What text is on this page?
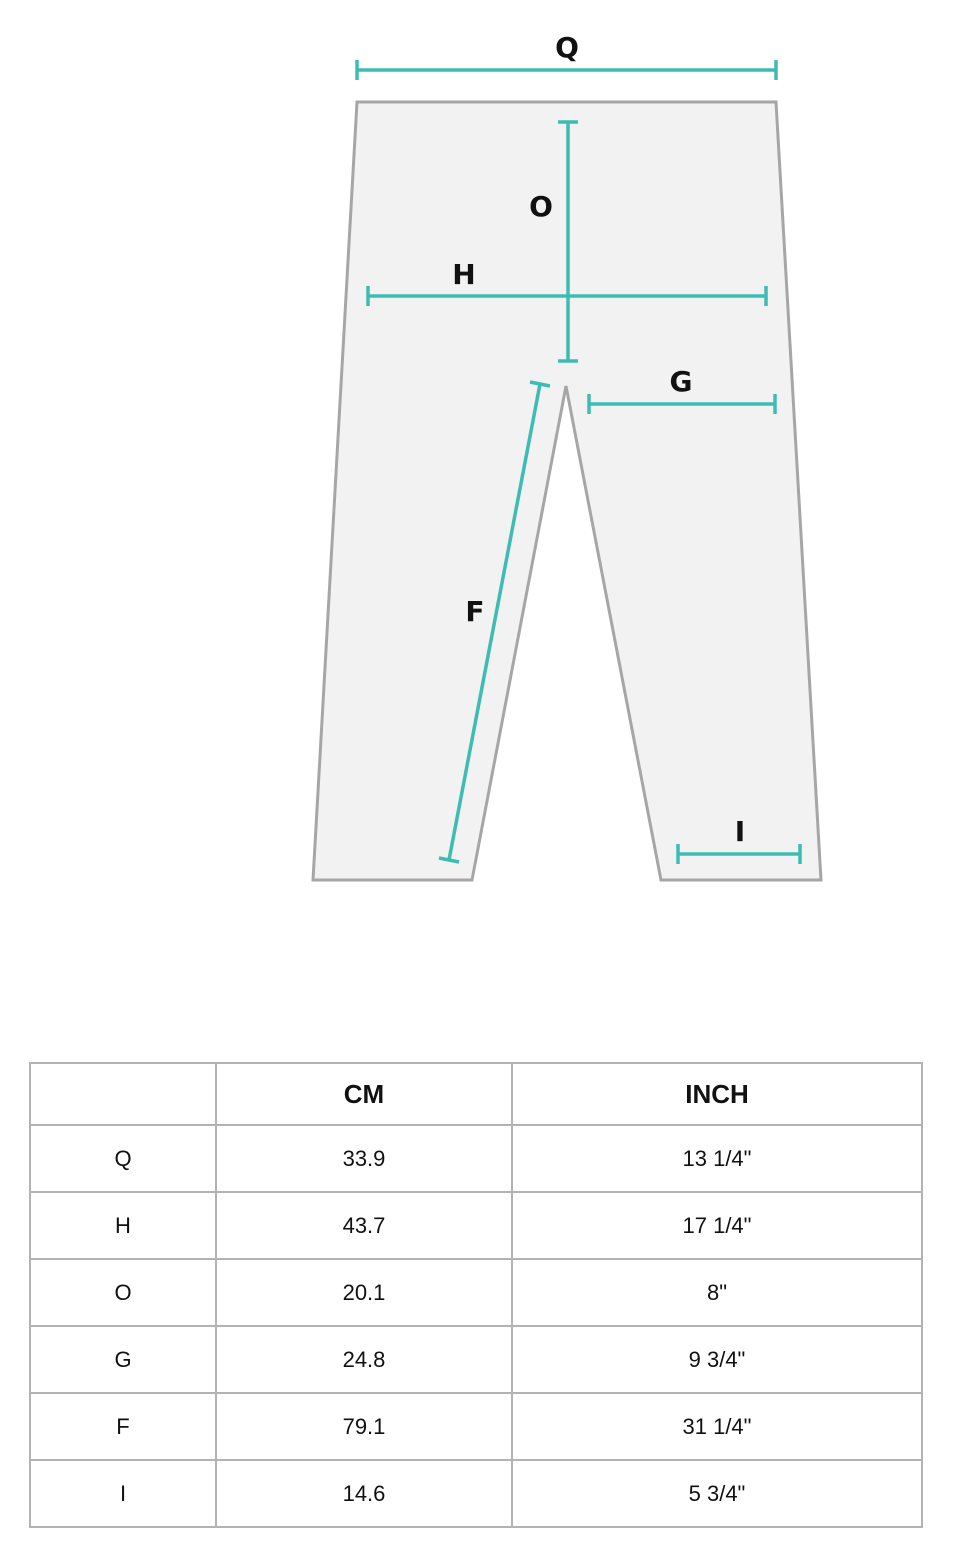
Q
O
H
G
F
I
	CM	INCH
Q	33.9	13 1/4"
H	43.7	17 1/4"
O	20.1	8"
G	24.8	9 3/4"
F	79.1	31 1/4"
I	14.6	5 3/4"
